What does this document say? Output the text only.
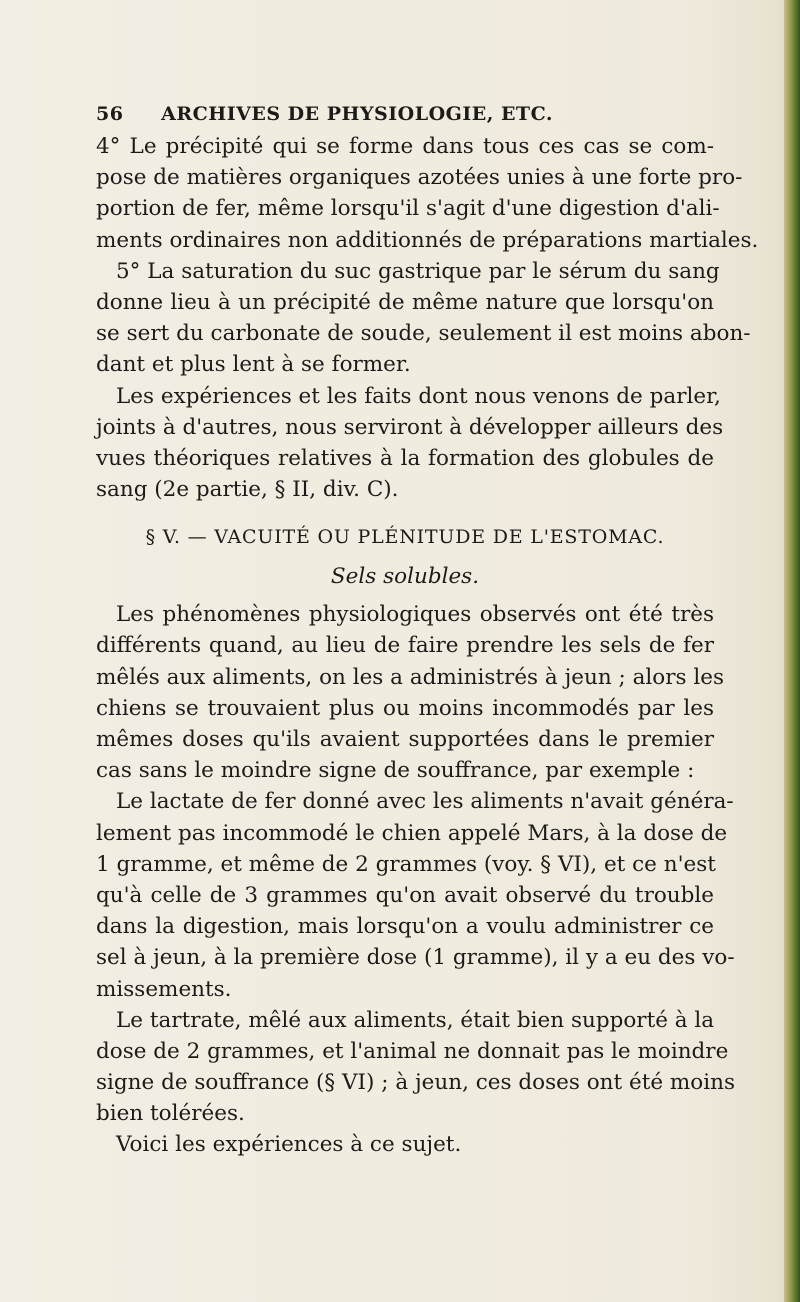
56 ARCHIVES DE PHYSIOLOGIE, ETC.
4° Le précipité qui se forme dans tous ces cas se com-
pose de matières organiques azotées unies à une forte pro-
portion de fer, même lorsqu'il s'agit d'une digestion d'ali-
ments ordinaires non additionnés de préparations martiales.
5° La saturation du suc gastrique par le sérum du sang
donne lieu à un précipité de même nature que lorsqu'on
se sert du carbonate de soude, seulement il est moins abon-
dant et plus lent à se former.
Les expériences et les faits dont nous venons de parler,
joints à d'autres, nous serviront à développer ailleurs des
vues théoriques relatives à la formation des globules de
sang (2e partie, § II, div. C).
§ V. — VACUITÉ OU PLÉNITUDE DE L'ESTOMAC.
Sels solubles.
Les phénomènes physiologiques observés ont été très
différents quand, au lieu de faire prendre les sels de fer
mêlés aux aliments, on les a administrés à jeun ; alors les
chiens se trouvaient plus ou moins incommodés par les
mêmes doses qu'ils avaient supportées dans le premier
cas sans le moindre signe de souffrance, par exemple :
Le lactate de fer donné avec les aliments n'avait généra-
lement pas incommodé le chien appelé Mars, à la dose de
1 gramme, et même de 2 grammes (voy. § VI), et ce n'est
qu'à celle de 3 grammes qu'on avait observé du trouble
dans la digestion, mais lorsqu'on a voulu administrer ce
sel à jeun, à la première dose (1 gramme), il y a eu des vo-
missements.
Le tartrate, mêlé aux aliments, était bien supporté à la
dose de 2 grammes, et l'animal ne donnait pas le moindre
signe de souffrance (§ VI) ; à jeun, ces doses ont été moins
bien tolérées.
Voici les expériences à ce sujet.
